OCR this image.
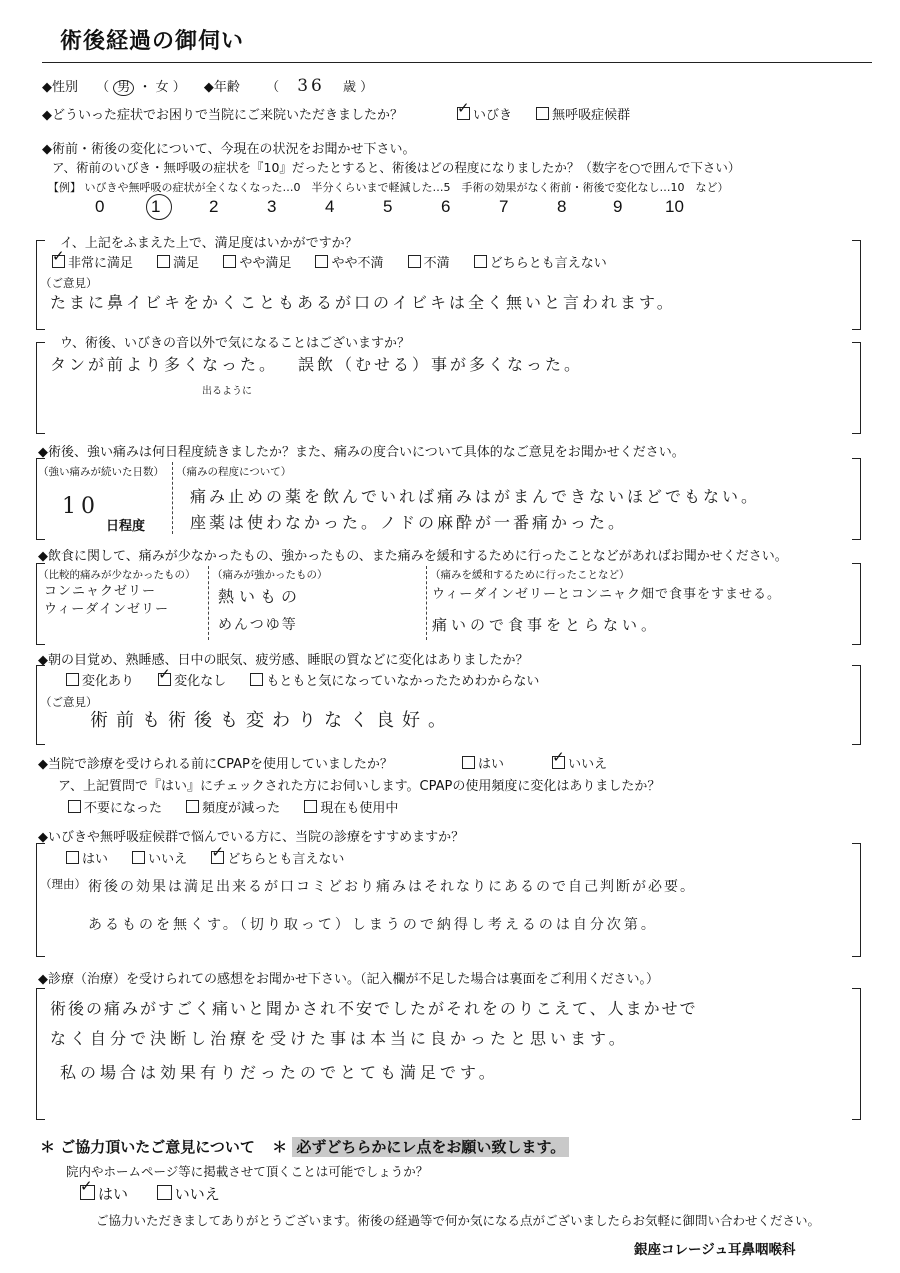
術後経過の御伺い
◆性別 （ 男 ・ 女 ） ◆年齢 （ 36 歳 ）
◆どういった症状でお困りで当院にご来院いただきましたか？ ✓	いびき	無呼吸症候群
◆術前・術後の変化について、今現在の状況をお聞かせ下さい。
ア、術前のいびき・無呼吸の症状を『10』だったとすると、術後はどの程度になりましたか？（数字を○で囲んで下さい）
【例】 いびきや無呼吸の症状が全くなくなった…0　半分くらいまで軽減した…5　手術の効果がなく術前・術後で変化なし…10　など）
0	1	2	3	4	5	6	7	8	9	10
イ、上記をふまえた上で、満足度はいかがですか？
✓非常に満足	満足	やや満足	やや不満	不満	どちらとも言えない
（ご意見）
たまに鼻イビキをかくこともあるが口のイビキは全く無いと言われます。
ウ、術後、いびきの音以外で気になることはございますか？
タンが前より多くなった。 誤飲（むせる）事が多くなった。
出るように
◆術後、強い痛みは何日程度続きましたか？また、痛みの度合いについて具体的なご意見をお聞かせください。
（強い痛みが続いた日数）
10
日程度
（痛みの程度について）
痛み止めの薬を飲んでいれば痛みはがまんできないほどでもない。
座薬は使わなかった。ノドの麻酔が一番痛かった。
◆飲食に関して、痛みが少なかったもの、強かったもの、また痛みを緩和するために行ったことなどがあればお聞かせください。
（比較的痛みが少なかったもの）
コンニャクゼリー
ウィーダインゼリー
（痛みが強かったもの）
熱いもの
めんつゆ等
（痛みを緩和するために行ったことなど）
ウィーダインゼリーとコンニャク畑で食事をすませる。
痛いので食事をとらない。
◆朝の目覚め、熟睡感、日中の眠気、疲労感、睡眠の質などに変化はありましたか？
変化あり ✓	変化なし	もともと気になっていなかったためわからない
（ご意見）
術前も術後も変わりなく良好。
◆当院で診療を受けられる前にCPAPを使用していましたか？	はい ✓	いいえ
ア、上記質問で『はい』にチェックされた方にお伺いします。CPAPの使用頻度に変化はありましたか？
不要になった	頻度が減った	現在も使用中
◆いびきや無呼吸症候群で悩んでいる方に、当院の診療をすすめますか？
はい	いいえ ✓	どちらとも言えない
（理由） 術後の効果は満足出来るが口コミどおり痛みはそれなりにあるので自己判断が必要。
あるものを無くす。（切り取って）しまうので納得し考えるのは自分次第。
◆診療（治療）を受けられての感想をお聞かせ下さい。（記入欄が不足した場合は裏面をご利用ください。）
術後の痛みがすごく痛いと聞かされ不安でしたがそれをのりこえて、人まかせで
なく自分で決断し治療を受けた事は本当に良かったと思います。
私の場合は効果有りだったのでとても満足です。
＊ ご協力頂いたご意見について ＊ 必ずどちらかにレ点をお願い致します。
院内やホームページ等に掲載させて頂くことは可能でしょうか？
✓はい	いいえ
ご協力いただきましてありがとうございます。術後の経過等で何か気になる点がございましたらお気軽に御問い合わせください。
銀座コレージュ耳鼻咽喉科
